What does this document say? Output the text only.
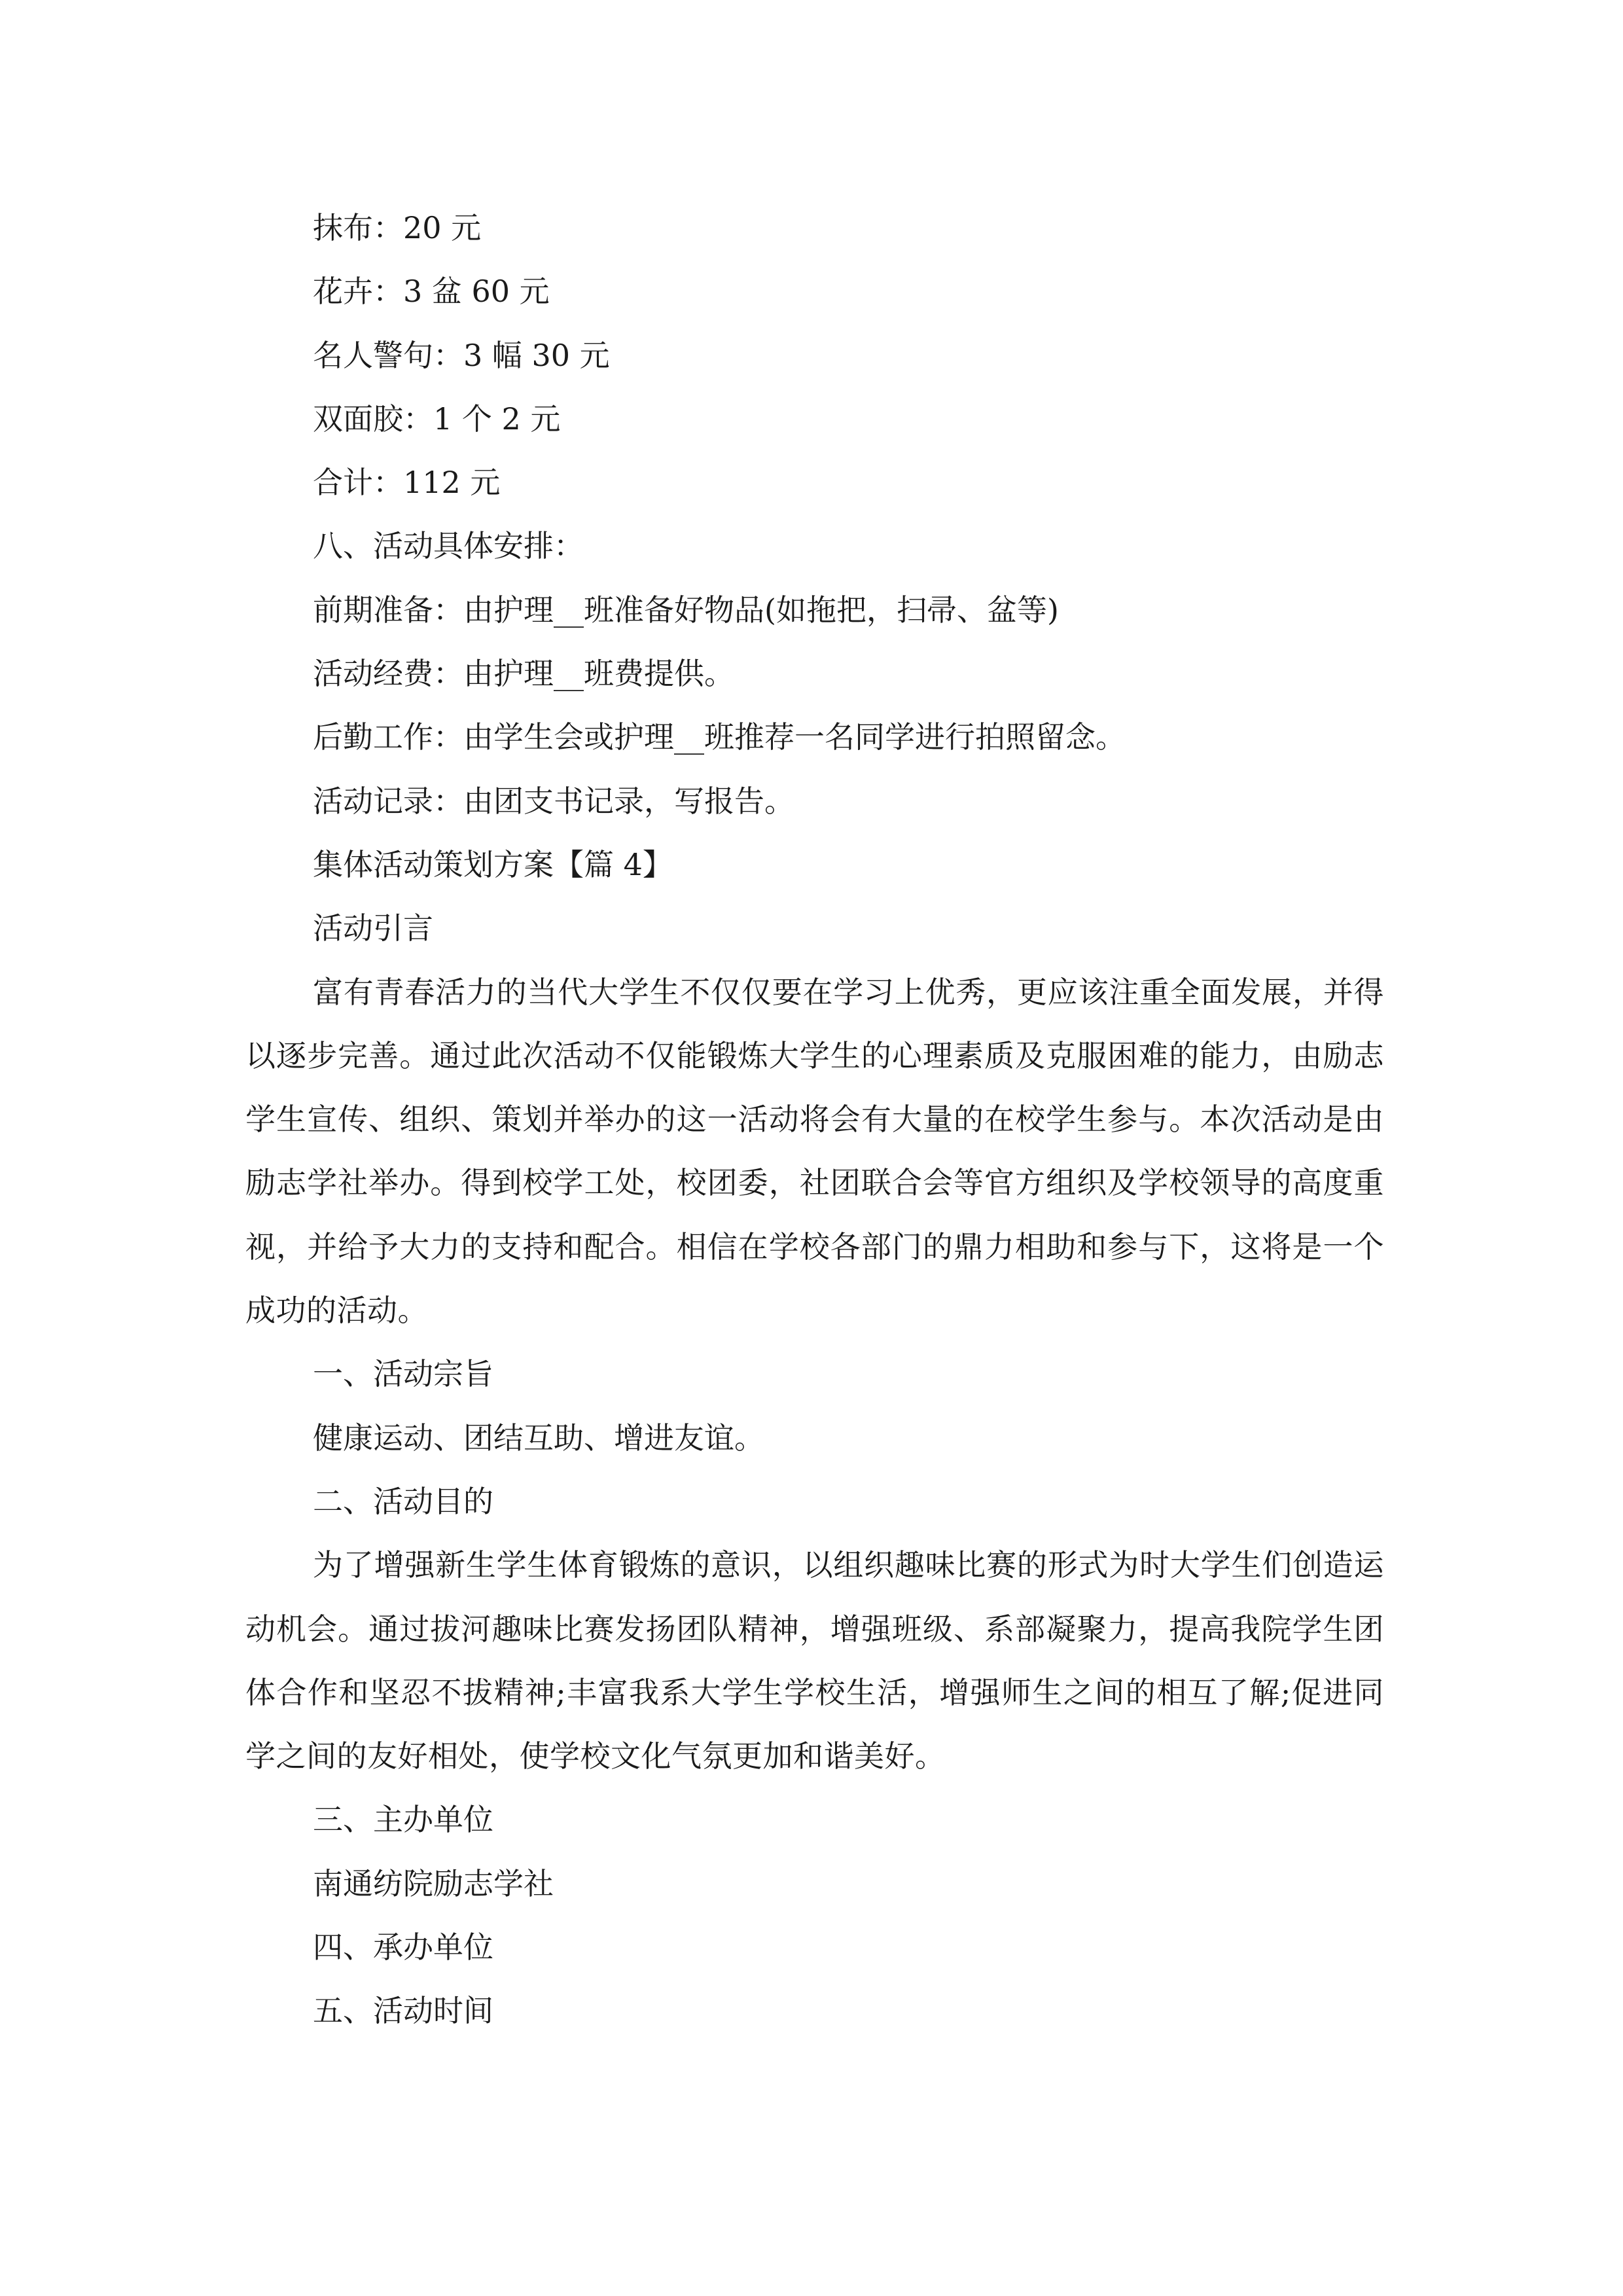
抹布：20 元

花卉：3 盆 60 元

名人警句：3 幅 30 元

双面胶：1 个 2 元

合计：112 元

八、活动具体安排：

前期准备：由护理__班准备好物品(如拖把，扫帚、盆等)

活动经费：由护理__班费提供。

后勤工作：由学生会或护理__班推荐一名同学进行拍照留念。

活动记录：由团支书记录，写报告。

集体活动策划方案【篇 4】

活动引言

富有青春活力的当代大学生不仅仅要在学习上优秀，更应该注重全面发展，并得以逐步完善。通过此次活动不仅能锻炼大学生的心理素质及克服困难的能力，由励志学生宣传、组织、策划并举办的这一活动将会有大量的在校学生参与。本次活动是由励志学社举办。得到校学工处，校团委，社团联合会等官方组织及学校领导的高度重视，并给予大力的支持和配合。相信在学校各部门的鼎力相助和参与下，这将是一个成功的活动。

一、活动宗旨

健康运动、团结互助、增进友谊。

二、活动目的

为了增强新生学生体育锻炼的意识，以组织趣味比赛的形式为时大学生们创造运动机会。通过拔河趣味比赛发扬团队精神，增强班级、系部凝聚力，提高我院学生团体合作和坚忍不拔精神;丰富我系大学生学校生活，增强师生之间的相互了解;促进同学之间的友好相处，使学校文化气氛更加和谐美好。

三、主办单位

南通纺院励志学社

四、承办单位

五、活动时间
